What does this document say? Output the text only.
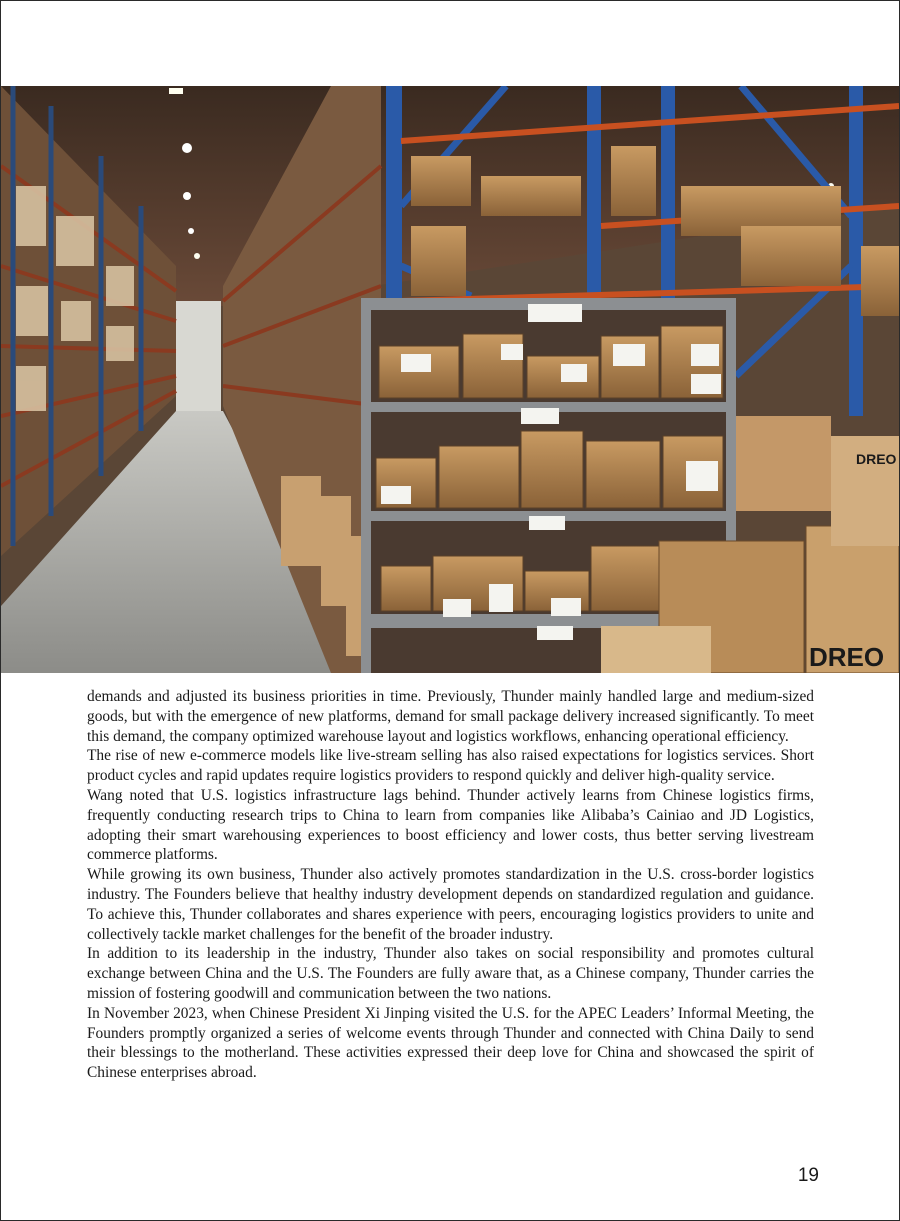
DREO
DREO

demands and adjusted its business priorities in time. Previously, Thunder mainly handled large and medium-sized goods, but with the emergence of new platforms, demand for small package delivery increased significantly. To meet this demand, the company optimized warehouse layout and logistics workflows, enhancing operational efficiency.

The rise of new e-commerce models like live-stream selling has also raised expectations for logistics services. Short product cycles and rapid updates require logistics providers to respond quickly and deliver high-quality service.

Wang noted that U.S. logistics infrastructure lags behind. Thunder actively learns from Chinese logistics firms, frequently conducting research trips to China to learn from companies like Alibaba’s Cainiao and JD Logistics, adopting their smart warehousing experiences to boost efficiency and lower costs, thus better serving livestream commerce platforms.

While growing its own business, Thunder also actively promotes standardization in the U.S. cross-border logistics industry. The Founders believe that healthy industry development depends on standardized regulation and guidance. To achieve this, Thunder collaborates and shares experience with peers, encouraging logistics providers to unite and collectively tackle market challenges for the benefit of the broader industry.

In addition to its leadership in the industry, Thunder also takes on social responsibility and promotes cultural exchange between China and the U.S. The Founders are fully aware that, as a Chinese company, Thunder carries the mission of fostering goodwill and communication between the two nations.

In November 2023, when Chinese President Xi Jinping visited the U.S. for the APEC Leaders’ Informal Meeting, the Founders promptly organized a series of welcome events through Thunder and connected with China Daily to send their blessings to the motherland. These activities expressed their deep love for China and showcased the spirit of Chinese enterprises abroad.

19
